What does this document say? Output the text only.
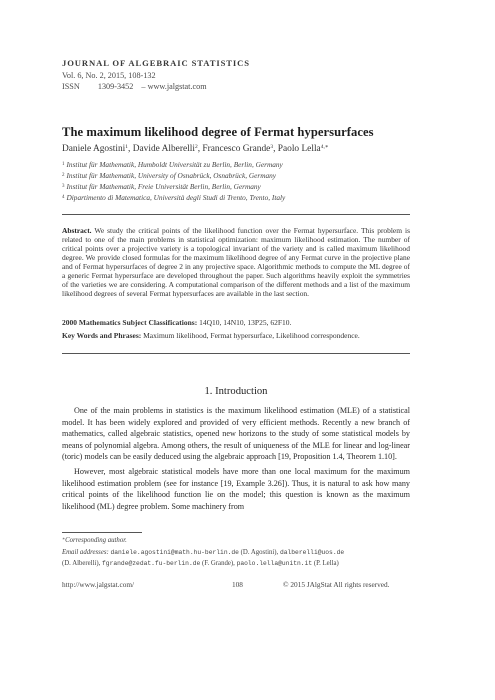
JOURNAL OF ALGEBRAIC STATISTICS
Vol. 6, No. 2, 2015, 108-132
ISSN 1309-3452 – www.jalgstat.com
The maximum likelihood degree of Fermat hypersurfaces
Daniele Agostini$^1$, Davide Alberelli$^2$, Francesco Grande$^3$, Paolo Lella$^{4,∗}$
$^1$ Institut für Mathematik, Humboldt Universität zu Berlin, Berlin, Germany
$^2$ Institut für Mathematik, University of Osnabrück, Osnabrück, Germany
$^3$ Institut für Mathematik, Freie Universität Berlin, Berlin, Germany
$^4$ Dipartimento di Matematica, Università degli Studi di Trento, Trento, Italy
Abstract. We study the critical points of the likelihood function over the Fermat hypersurface. This problem is related to one of the main problems in statistical optimization: maximum likelihood estimation. The number of critical points over a projective variety is a topological invariant of the variety and is called maximum likelihood degree. We provide closed formulas for the maximum likelihood degree of any Fermat curve in the projective plane and of Fermat hypersurfaces of degree 2 in any projective space. Algorithmic methods to compute the ML degree of a generic Fermat hypersurface are developed throughout the paper. Such algorithms heavily exploit the symmetries of the varieties we are considering. A computational comparison of the different methods and a list of the maximum likelihood degrees of several Fermat hypersurfaces are available in the last section.
2000 Mathematics Subject Classifications: 14Q10, 14N10, 13P25, 62F10.
Key Words and Phrases: Maximum likelihood, Fermat hypersurface, Likelihood correspondence.
1. Introduction
One of the main problems in statistics is the maximum likelihood estimation (MLE) of a statistical model. It has been widely explored and provided of very efficient methods. Recently a new branch of mathematics, called algebraic statistics, opened new horizons to the study of some statistical models by means of polynomial algebra. Among others, the result of uniqueness of the MLE for linear and log-linear (toric) models can be easily deduced using the algebraic approach [19, Proposition 1.4, Theorem 1.10].
However, most algebraic statistical models have more than one local maximum for the maximum likelihood estimation problem (see for instance [19, Example 3.26]). Thus, it is natural to ask how many critical points of the likelihood function lie on the model; this question is known as the maximum likelihood (ML) degree problem. Some machinery from
∗Corresponding author.
Email addresses: daniele.agostini@math.hu-berlin.de (D. Agostini), dalberelli@uos.de
(D. Alberelli), fgrande@zedat.fu-berlin.de (F. Grande), paolo.lella@unitn.it (P. Lella)
http://www.jalgstat.com/	108	© 2015 JAlgStat All rights reserved.
